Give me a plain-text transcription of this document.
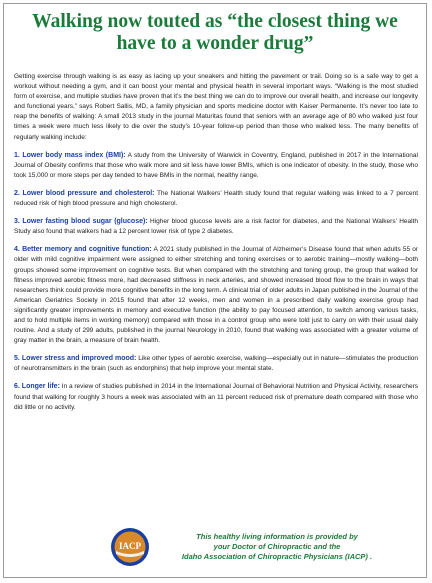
Walking now touted as “the closest thing we have to a wonder drug”

Getting exercise through walking is as easy as lacing up your sneakers and hitting the pavement or trail. Doing so is a safe way to get a workout without needing a gym, and it can boost your mental and physical health in several important ways. “Walking is the most studied form of exercise, and multiple studies have proven that it’s the best thing we can do to improve our overall health, and increase our longevity and functional years,” says Robert Sallis, MD, a family physician and sports medicine doctor with Kaiser Permanente. It’s never too late to reap the benefits of walking: A small 2013 study in the journal Maturitas found that seniors with an average age of 80 who walked just four times a week were much less likely to die over the study’s 10-year follow-up period than those who walked less. The many benefits of regularly walking include:

1. Lower body mass index (BMI): A study from the University of Warwick in Coventry, England, published in 2017 in the International Journal of Obesity confirms that those who walk more and sit less have lower BMIs, which is one indicator of obesity. In the study, those who took 15,000 or more steps per day tended to have BMIs in the normal, healthy range.

2. Lower blood pressure and cholesterol: The National Walkers’ Health study found that regular walking was linked to a 7 percent reduced risk of high blood pressure and high cholesterol.

3. Lower fasting blood sugar (glucose): Higher blood glucose levels are a risk factor for diabetes, and the National Walkers’ Health Study also found that walkers had a 12 percent lower risk of type 2 diabetes.

4. Better memory and cognitive function: A 2021 study published in the Journal of Alzheimer’s Disease found that when adults 55 or older with mild cognitive impairment were assigned to either stretching and toning exercises or to aerobic training—mostly walking—both groups showed some improvement on cognitive tests. But when compared with the stretching and toning group, the group that walked for fitness improved aerobic fitness more, had decreased stiffness in neck arteries, and showed increased blood flow to the brain in ways that researchers think could provide more cognitive benefits in the long term. A clinical trial of older adults in Japan published in the Journal of the American Geriatrics Society in 2015 found that after 12 weeks, men and women in a prescribed daily walking exercise group had significantly greater improvements in memory and executive function (the ability to pay focused attention, to switch among various tasks, and to hold multiple items in working memory) compared with those in a control group who were told just to carry on with their usual daily routine. And a study of 299 adults, published in the journal Neurology in 2010, found that walking was associated with a greater volume of gray matter in the brain, a measure of brain health.

5. Lower stress and improved mood: Like other types of aerobic exercise, walking—especially out in nature—stimulates the production of neurotransmitters in the brain (such as endorphins) that help improve your mental state.

6. Longer life: In a review of studies published in 2014 in the International Journal of Behavioral Nutrition and Physical Activity, researchers found that walking for roughly 3 hours a week was associated with an 11 percent reduced risk of premature death compared with those who did little or no activity.

IACP
This healthy living information is provided by
your Doctor of Chiropractic and the
Idaho Association of Chiropractic Physicians (IACP) .
